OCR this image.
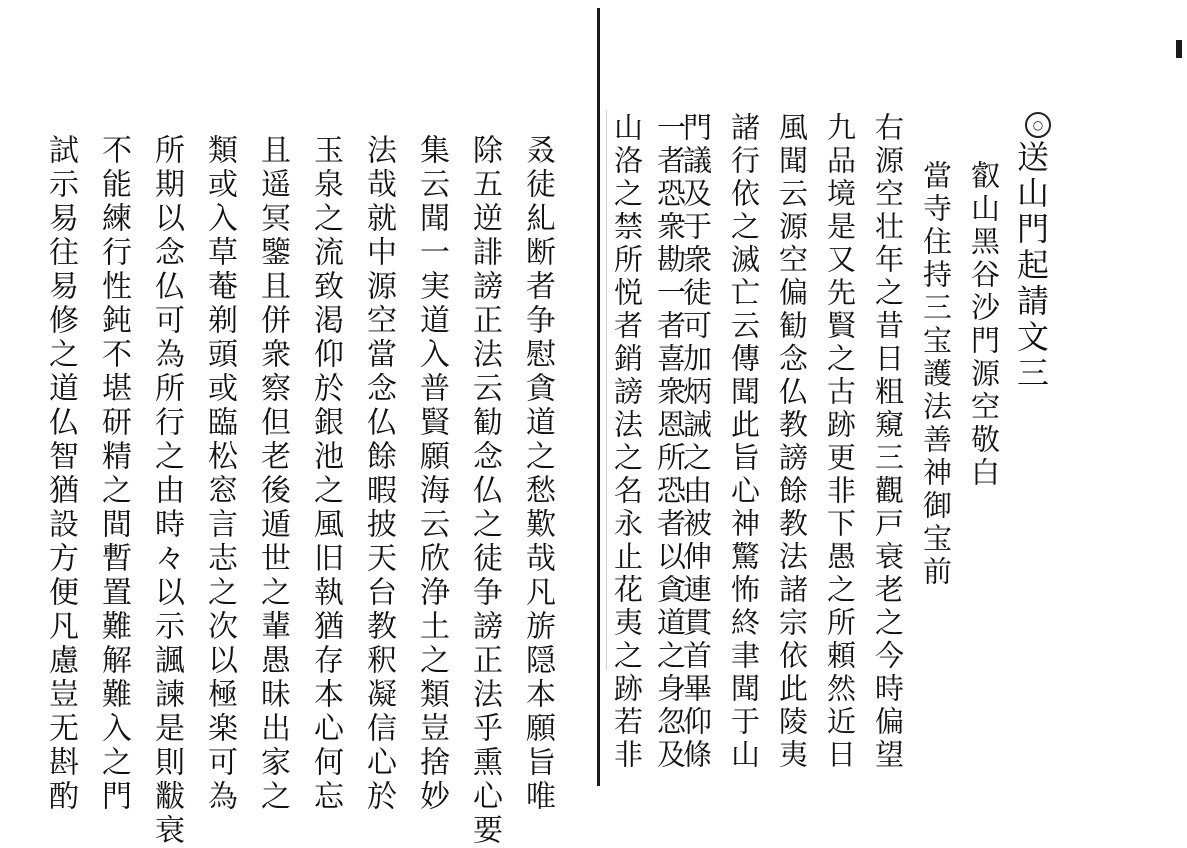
○
送山門起請文三
叡山黑谷沙門源空敬白
當寺住持三宝護法善神御宝前
右源空壮年之昔日粗窺三觀戸衰老之今時偏望
九品境是又先賢之古跡更非下愚之所頼然近日
風聞云源空偏勧念仏教謗餘教法諸宗依此陵夷
諸行依之滅亡云傳聞此旨心神驚怖終聿聞于山
門議及于衆徒可加炳誡之由被伸連貫首畢仰條
一者恐衆勘一者喜衆恩所恐者以貪道之身忽及
山洛之禁所悦者銷謗法之名永止花夷之跡若非
叒徒糺断者争慰貪道之愁歎哉凡旂隠本願旨唯
除五逆誹謗正法云勧念仏之徒争謗正法乎熏心要
集云聞一実道入普賢願海云欣浄土之類豈捨妙
法哉就中源空當念仏餘暇披天台教釈凝信心於
玉泉之流致渇仰於銀池之風旧執猶存本心何忘
且遥冥鑒且併衆察但老後遁世之輩愚昧出家之
類或入草菴剃頭或臨松窓言志之次以極楽可為
所期以念仏可為所行之由時々以示諷諫是則黻衰
不能練行性鈍不堪研精之間暫置難解難入之門
試示易往易修之道仏智猶設方便凡慮豈无斟酌
